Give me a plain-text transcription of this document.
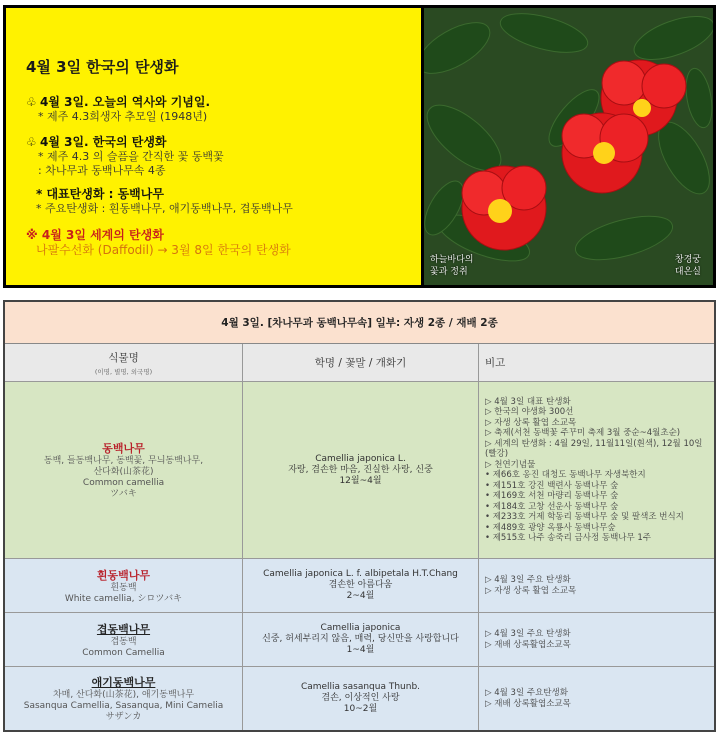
4월 3일 한국의 탄생화
♧ 4월 3일. 오늘의 역사와 기념일.
* 제주 4.3희생자 추모일 (1948년)
♧ 4월 3일. 한국의 탄생화
* 제주 4.3 의 슬픔을 간직한 꽃 동백꽃
: 차나무과 동백나무속 4종
* 대표탄생화 : 동백나무
* 주요탄생화 : 흰동백나무, 애기동백나무, 겹동백나무
※ 4월 3일 세계의 탄생화
나팔수선화 (Daffodil) → 3월 8일 한국의 탄생화
하늘바다의
꽃과 정취
창경궁
대온실
4월 3일. [차나무과 동백나무속] 일부: 자생 2종 / 재배 2종
식물명
(이명, 별명, 외국명)
학명 / 꽃말 / 개화기	비고
동백나무
동백, 들동백나무, 동백꽃, 무늬동백나무,
산다화(山茶花)
Common camellia
ツバキ
Camellia japonica L.
자랑, 겸손한 마음, 진실한 사랑, 신중
12월~4월
▷ 4월 3일 대표 탄생화
▷ 한국의 야생화 300선
▷ 자생 상록 활엽 소교목
▷ 축제(서천 동백꽃 주꾸미 축제 3월 중순~4월초순)
▷ 세계의 탄생화 : 4월 29일, 11월11일(흰색), 12월 10일(빨강)
▷ 천연기념물
• 제66호 옹진 대청도 동백나무 자생북한지
• 제151호 강진 백련사 동백나무 숲
• 제169호 서천 마량리 동백나무 숲
• 제184호 고창 선운사 동백나무 숲
• 제233호 거제 학동리 동백나무 숲 및 팔색조 번식지
• 제489호 광양 옥룡사 동백나무숲
• 제515호 나주 송죽리 금사정 동백나무 1주
흰동백나무
흰동백
White camellia, シロツバキ
Camellia japonica L. f. albipetala H.T.Chang
겸손한 아름다움
2~4월
▷ 4월 3일 주요 탄생화
▷ 자생 상록 활엽 소교목
겹동백나무
겹동백
Common Camellia
Camellia japonica
신중, 허세부리지 않음, 매력, 당신만을 사랑합니다
1~4월
▷ 4월 3일 주요 탄생화
▷ 재배 상록활엽소교목
애기동백나무
차매, 산다화(山茶花), 애기동백나무
Sasanqua Camellia, Sasanqua, Mini Camelia
サザンカ
Camellia sasanqua Thunb.
겸손, 이상적인 사랑
10~2월
▷ 4월 3일 주요탄생화
▷ 재배 상록활엽소교목
